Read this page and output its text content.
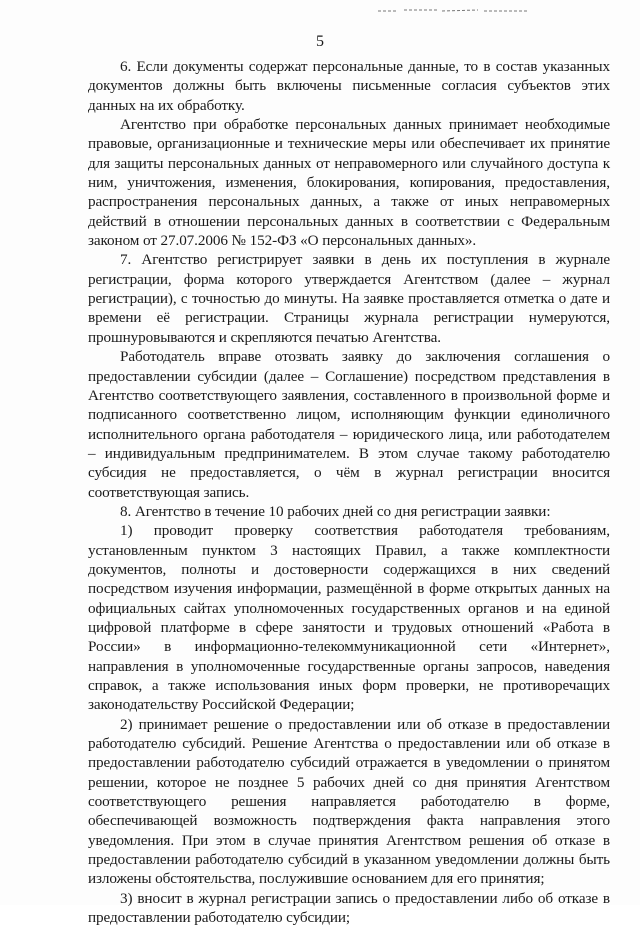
5

6. Если документы содержат персональные данные, то в состав указанных документов должны быть включены письменные согласия субъектов этих данных на их обработку.

Агентство при обработке персональных данных принимает необходимые правовые, организационные и технические меры или обеспечивает их принятие для защиты персональных данных от неправомерного или случайного доступа к ним, уничтожения, изменения, блокирования, копирования, предоставления, распространения персональных данных, а также от иных неправомерных действий в отношении персональных данных в соответствии с Федеральным законом от 27.07.2006 № 152-ФЗ «О персональных данных».

7. Агентство регистрирует заявки в день их поступления в журнале регистрации, форма которого утверждается Агентством (далее – журнал регистрации), с точностью до минуты. На заявке проставляется отметка о дате и времени её регистрации. Страницы журнала регистрации нумеруются, прошнуровываются и скрепляются печатью Агентства.

Работодатель вправе отозвать заявку до заключения соглашения о предоставлении субсидии (далее – Соглашение) посредством представления в Агентство соответствующего заявления, составленного в произвольной форме и подписанного соответственно лицом, исполняющим функции единоличного исполнительного органа работодателя – юридического лица, или работодателем – индивидуальным предпринимателем. В этом случае такому работодателю субсидия не предоставляется, о чём в журнал регистрации вносится соответствующая запись.

8. Агентство в течение 10 рабочих дней со дня регистрации заявки:

1) проводит проверку соответствия работодателя требованиям, установленным пунктом 3 настоящих Правил, а также комплектности документов, полноты и достоверности содержащихся в них сведений посредством изучения информации, размещённой в форме открытых данных на официальных сайтах уполномоченных государственных органов и на единой цифровой платформе в сфере занятости и трудовых отношений «Работа в России» в информационно-телекоммуникационной сети «Интернет», направления в уполномоченные государственные органы запросов, наведения справок, а также использования иных форм проверки, не противоречащих законодательству Российской Федерации;

2) принимает решение о предоставлении или об отказе в предоставлении работодателю субсидий. Решение Агентства о предоставлении или об отказе в предоставлении работодателю субсидий отражается в уведомлении о принятом решении, которое не позднее 5 рабочих дней со дня принятия Агентством соответствующего решения направляется работодателю в форме, обеспечивающей возможность подтверждения факта направления этого уведомления. При этом в случае принятия Агентством решения об отказе в предоставлении работодателю субсидий в указанном уведомлении должны быть изложены обстоятельства, послужившие основанием для его принятия;

3) вносит в журнал регистрации запись о предоставлении либо об отказе в предоставлении работодателю субсидии;
